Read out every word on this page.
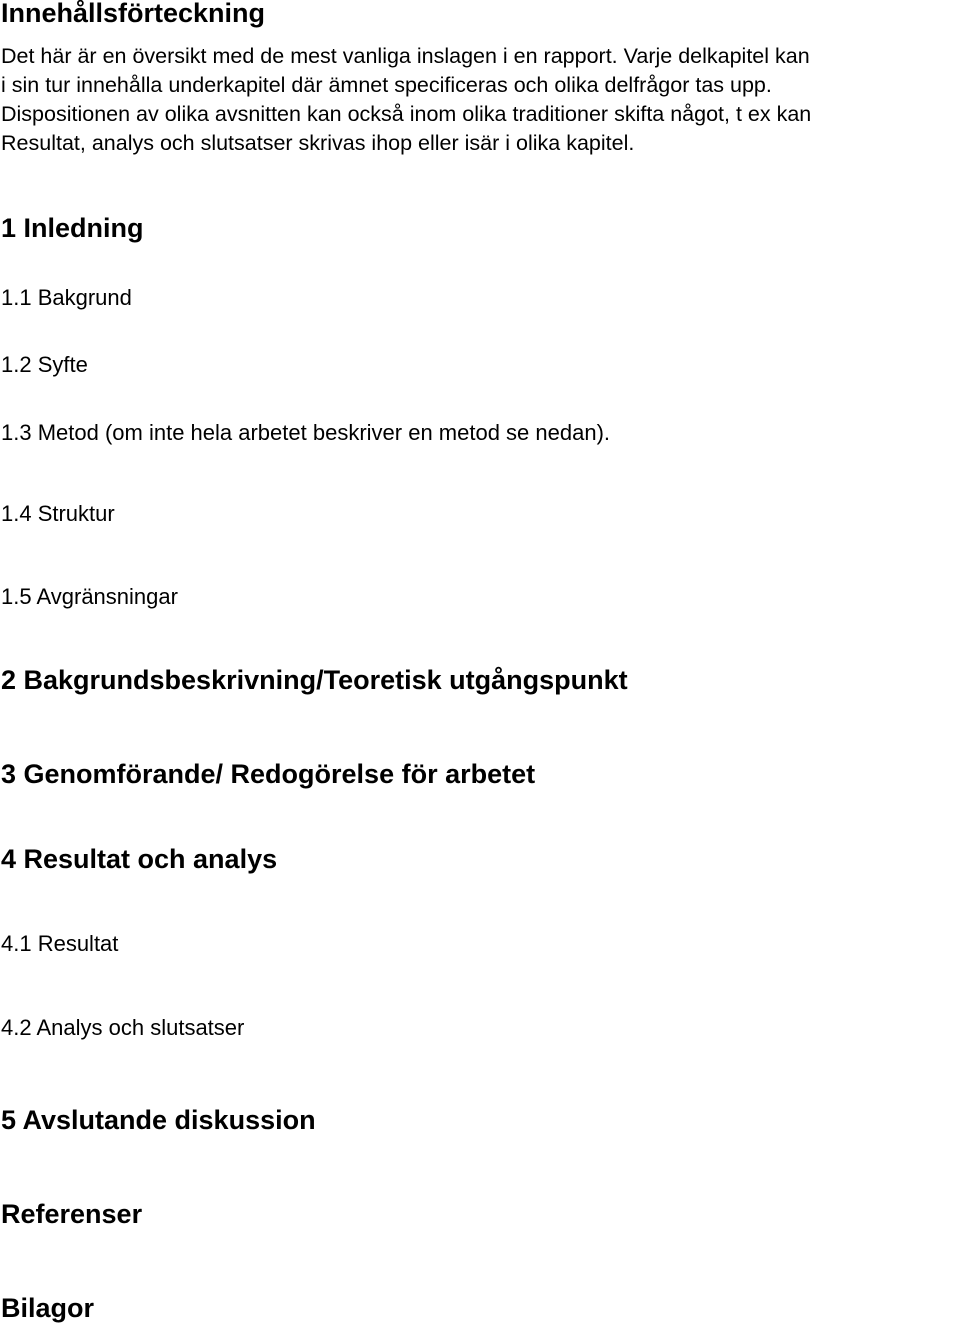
Innehållsförteckning

Det här är en översikt med de mest vanliga inslagen i en rapport. Varje delkapitel kan
i sin tur innehålla underkapitel där ämnet specificeras och olika delfrågor tas upp.
Dispositionen av olika avsnitten kan också inom olika traditioner skifta något, t ex kan
Resultat, analys och slutsatser skrivas ihop eller isär i olika kapitel.

1 Inledning
1.1 Bakgrund
1.2 Syfte
1.3 Metod (om inte hela arbetet beskriver en metod se nedan).
1.4 Struktur
1.5 Avgränsningar
2 Bakgrundsbeskrivning/Teoretisk utgångspunkt
3 Genomförande/ Redogörelse för arbetet
4 Resultat och analys
4.1 Resultat
4.2 Analys och slutsatser
5 Avslutande diskussion
Referenser
Bilagor
